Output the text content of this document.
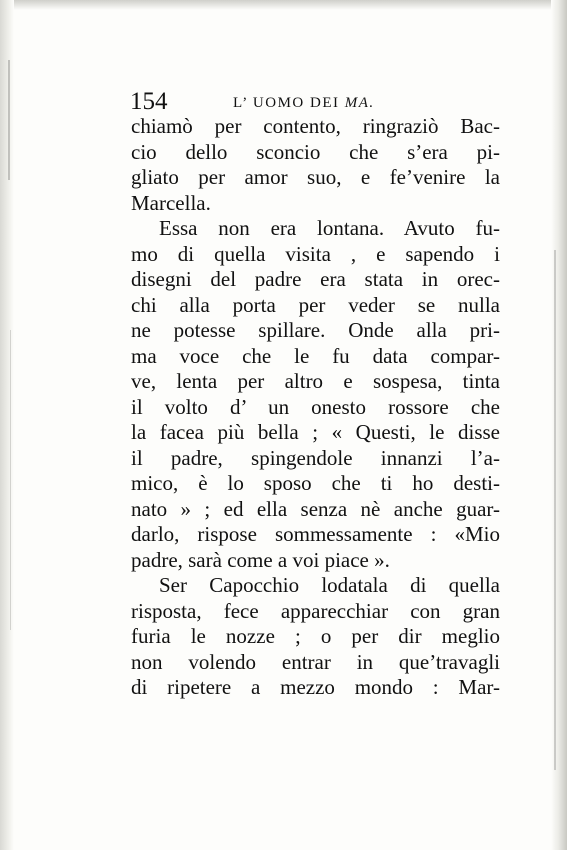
154	L’ UOMO DEI MA.
chiamò per contento, ringraziò Bac-
cio dello sconcio che s’era pi-
gliato per amor suo, e fe’venire la
Marcella.
Essa non era lontana. Avuto fu-
mo di quella visita , e sapendo i
disegni del padre era stata in orec-
chi alla porta per veder se nulla
ne potesse spillare. Onde alla pri-
ma voce che le fu data compar-
ve, lenta per altro e sospesa, tinta
il volto d’ un onesto rossore che
la facea più bella ; « Questi, le disse
il padre, spingendole innanzi l’a-
mico, è lo sposo che ti ho desti-
nato » ; ed ella senza nè anche guar-
darlo, rispose sommessamente : «Mio
padre, sarà come a voi piace ».
Ser Capocchio lodatala di quella
risposta, fece apparecchiar con gran
furia le nozze ; o per dir meglio
non volendo entrar in que’travagli
di ripetere a mezzo mondo : Mar-
